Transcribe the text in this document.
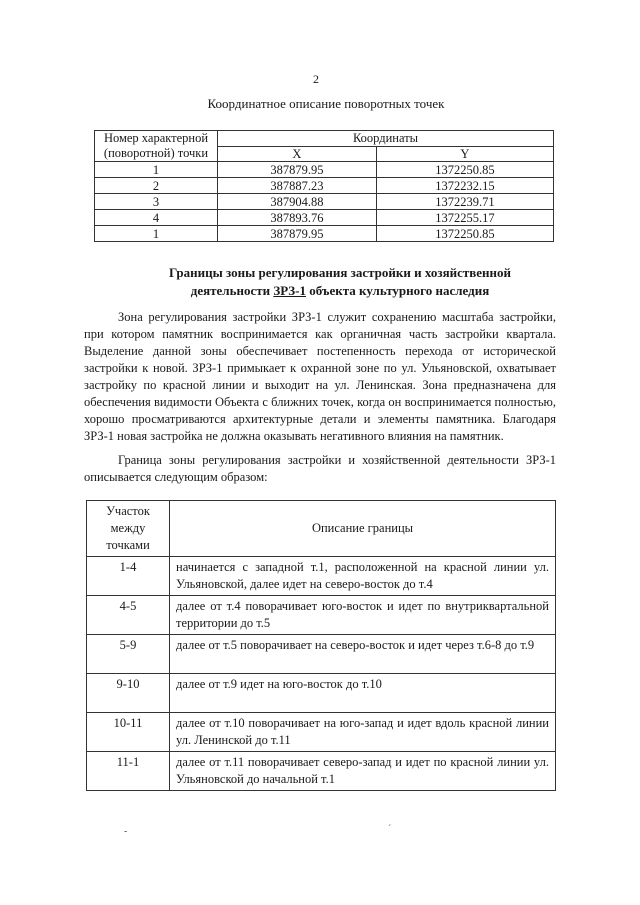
2
Координатное описание поворотных точек
Номер характерной (поворотной) точки	Координаты	
	X	Y
1	387879.95	1372250.85
2	387887.23	1372232.15
3	387904.88	1372239.71
4	387893.76	1372255.17
1	387879.95	1372250.85
Границы зоны регулирования застройки и хозяйственной
деятельности ЗРЗ-1 объекта культурного наследия

Зона регулирования застройки ЗРЗ-1 служит сохранению масштаба застройки, при котором памятник воспринимается как органичная часть застройки квартала. Выделение данной зоны обеспечивает постепенность перехода от исторической застройки к новой. ЗРЗ-1 примыкает к охранной зоне по ул. Ульяновской, охватывает застройку по красной линии и выходит на ул. Ленинская. Зона предназначена для обеспечения видимости Объекта с ближних точек, когда он воспринимается полностью, хорошо просматриваются архитектурные детали и элементы памятника. Благодаря ЗРЗ-1 новая застройка не должна оказывать негативного влияния на памятник.

Граница зоны регулирования застройки и хозяйственной деятельности ЗРЗ-1 описывается следующим образом:

Участок между точками	Описание границы
1-4	начинается с западной т.1, расположенной на красной линии ул. Ульяновской, далее идет на северо-восток до т.4
4-5	далее от т.4 поворачивает юго-восток и идет по внутриквартальной территории до т.5
5-9	далее от т.5 поворачивает на северо-восток и идет через т.6-8 до т.9
9-10	далее от т.9 идет на юго-восток до т.10
10-11	далее от т.10 поворачивает на юго-запад и идет вдоль красной линии ул. Ленинской до т.11
11-1	далее от т.11 поворачивает северо-запад и идет по красной линии ул. Ульяновской до начальной т.1
-	´
